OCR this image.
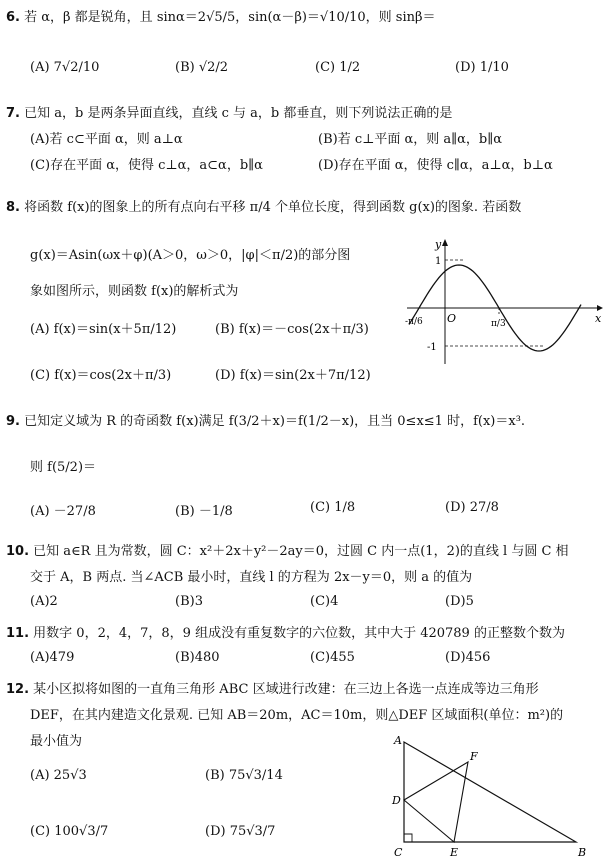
6. 若 α，β 都是锐角，且 sinα＝2√5/5，sin(α－β)＝√10/10，则 sinβ＝
(A) 7√2/10	(B) √2/2	(C) 1/2	(D) 1/10
7. 已知 a，b 是两条异面直线，直线 c 与 a，b 都垂直，则下列说法正确的是
(A)若 c⊂平面 α，则 a⊥α	(B)若 c⊥平面 α，则 a∥α，b∥α
(C)存在平面 α，使得 c⊥α，a⊂α，b∥α	(D)存在平面 α，使得 c∥α，a⊥α，b⊥α
8. 将函数 f(x)的图象上的所有点向右平移 π/4 个单位长度，得到函数 g(x)的图象. 若函数
g(x)＝Asin(ωx＋φ)(A＞0，ω＞0，|φ|＜π/2)的部分图
象如图所示，则函数 f(x)的解析式为
(A) f(x)＝sin(x＋5π/12)	(B) f(x)＝－cos(2x＋π/3)
(C) f(x)＝cos(2x＋π/3)	(D) f(x)＝sin(2x＋7π/12)
y
x
O
-π/6	π/3
1
-1
9. 已知定义域为 R 的奇函数 f(x)满足 f(3/2＋x)＝f(1/2－x)，且当 0≤x≤1 时，f(x)＝x³.
则 f(5/2)＝
(A) －27/8	(B) －1/8	(C) 1/8	(D) 27/8
10. 已知 a∈R 且为常数，圆 C：x²＋2x＋y²－2ay＝0，过圆 C 内一点(1，2)的直线 l 与圆 C 相
交于 A，B 两点. 当∠ACB 最小时，直线 l 的方程为 2x－y＝0，则 a 的值为
(A)2	(B)3	(C)4	(D)5
11. 用数字 0，2，4，7，8，9 组成没有重复数字的六位数，其中大于 420789 的正整数个数为
(A)479	(B)480	(C)455	(D)456
12. 某小区拟将如图的一直角三角形 ABC 区域进行改建：在三边上各选一点连成等边三角形
DEF，在其内建造文化景观. 已知 AB＝20m，AC＝10m，则△DEF 区域面积(单位：m²)的
最小值为
(A) 25√3	(B) 75√3/14
(C) 100√3/7	(D) 75√3/7
A
C	B
D
E
F
